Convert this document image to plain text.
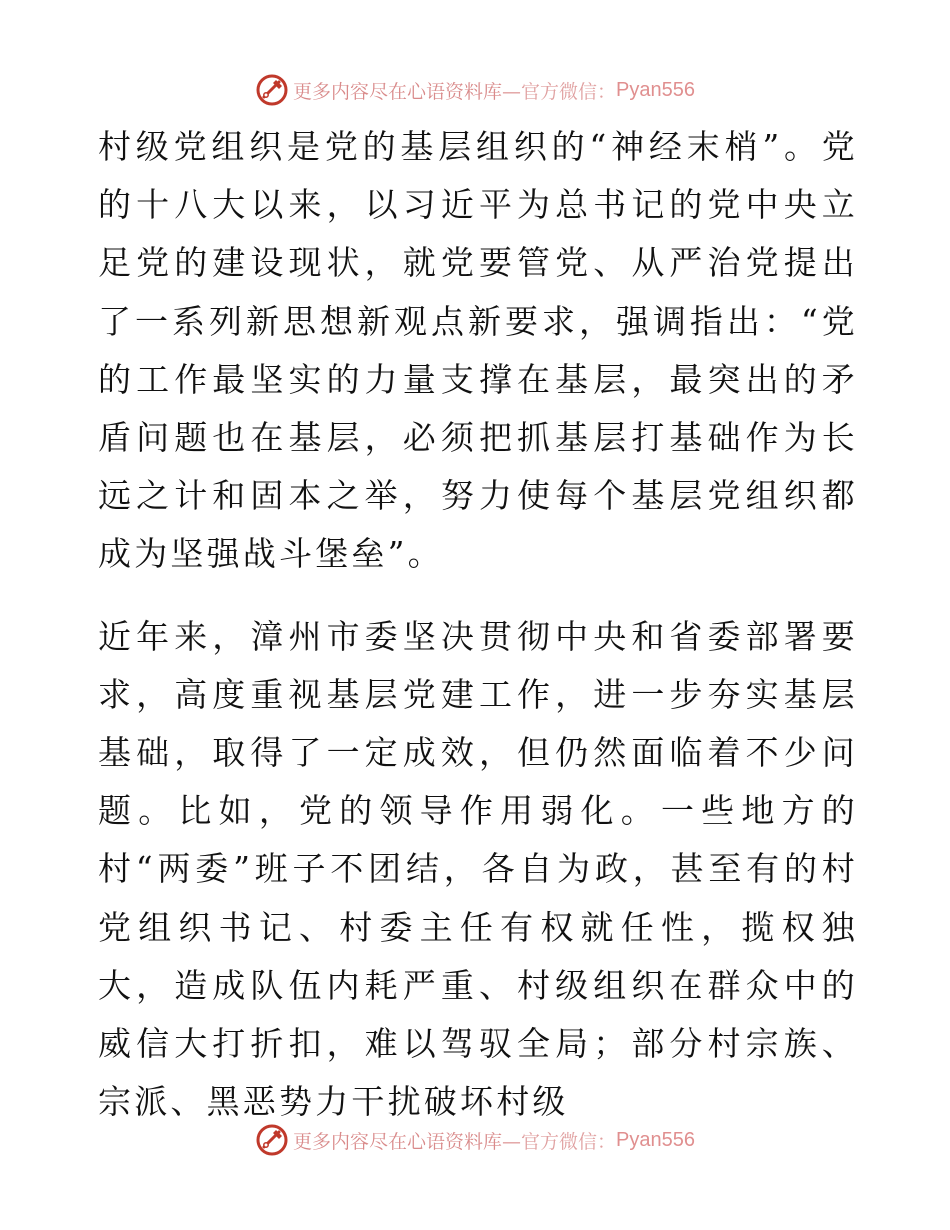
更多内容尽在心语资料库 —官方微信： Pyan556

村级党组织是党的基层组织的“神经末梢”。党的十八大以来，以习近平为总书记的党中央立足党的建设现状，就党要管党、从严治党提出了一系列新思想新观点新要求，强调指出：“党的工作最坚实的力量支撑在基层，最突出的矛盾问题也在基层，必须把抓基层打基础作为长远之计和固本之举，努力使每个基层党组织都成为坚强战斗堡垒”。

近年来，漳州市委坚决贯彻中央和省委部署要求，高度重视基层党建工作，进一步夯实基层基础，取得了一定成效，但仍然面临着不少问题。比如，党的领导作用弱化。一些地方的村“两委”班子不团结，各自为政，甚至有的村党组织书记、村委主任有权就任性，揽权独大，造成队伍内耗严重、村级组织在群众中的威信大打折扣，难以驾驭全局；部分村宗族、宗派、黑恶势力干扰破坏村级

更多内容尽在心语资料库 —官方微信： Pyan556
